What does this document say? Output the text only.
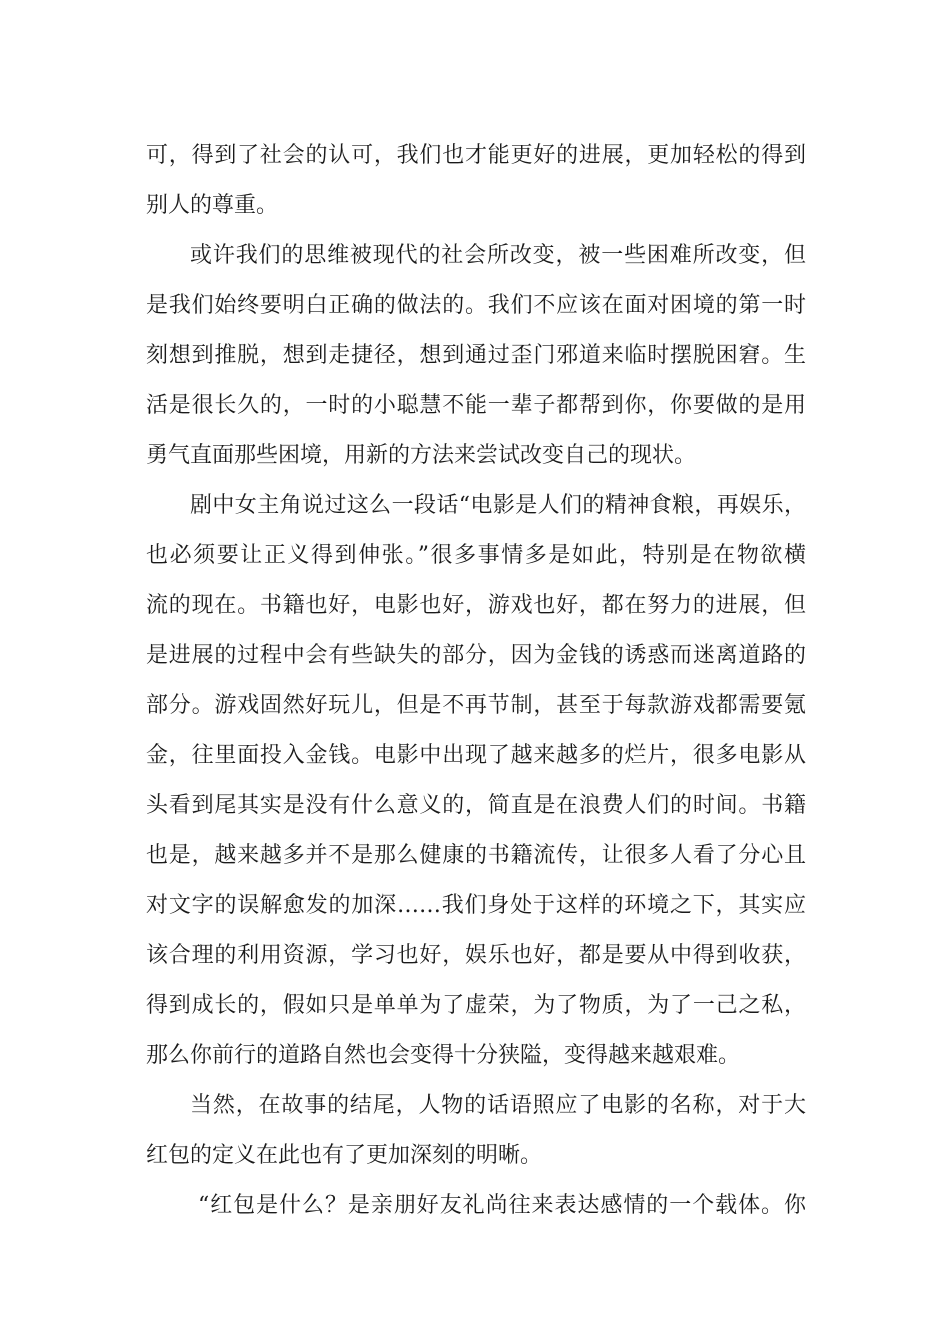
可，得到了社会的认可，我们也才能更好的进展，更加轻松的得到
别人的尊重。
或许我们的思维被现代的社会所改变，被一些困难所改变，但
是我们始终要明白正确的做法的。我们不应该在面对困境的第一时
刻想到推脱，想到走捷径，想到通过歪门邪道来临时摆脱困窘。生
活是很长久的，一时的小聪慧不能一辈子都帮到你，你要做的是用
勇气直面那些困境，用新的方法来尝试改变自己的现状。
剧中女主角说过这么一段话“电影是人们的精神食粮，再娱乐，
也必须要让正义得到伸张。”很多事情多是如此，特别是在物欲横
流的现在。书籍也好，电影也好，游戏也好，都在努力的进展，但
是进展的过程中会有些缺失的部分，因为金钱的诱惑而迷离道路的
部分。游戏固然好玩儿，但是不再节制，甚至于每款游戏都需要氪
金，往里面投入金钱。电影中出现了越来越多的烂片，很多电影从
头看到尾其实是没有什么意义的，简直是在浪费人们的时间。书籍
也是，越来越多并不是那么健康的书籍流传，让很多人看了分心且
对文字的误解愈发的加深……我们身处于这样的环境之下，其实应
该合理的利用资源，学习也好，娱乐也好，都是要从中得到收获，
得到成长的，假如只是单单为了虚荣，为了物质，为了一己之私，
那么你前行的道路自然也会变得十分狭隘，变得越来越艰难。
当然，在故事的结尾，人物的话语照应了电影的名称，对于大
红包的定义在此也有了更加深刻的明晰。
“红包是什么？是亲朋好友礼尚往来表达感情的一个载体。你
